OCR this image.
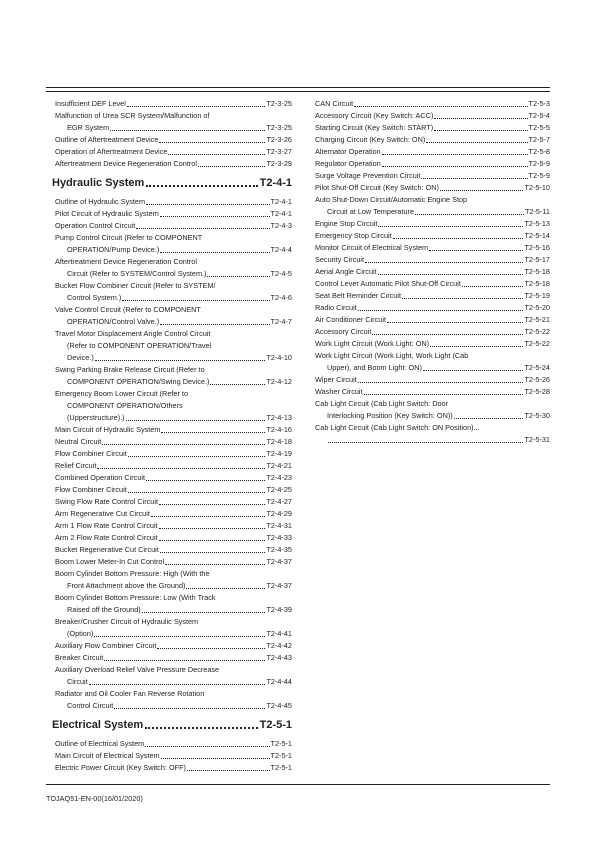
Insufficient DEF Level	T2-3-25
Malfunction of Urea SCR System/Malfunction of
EGR System	T2-3-25
Outline of Aftertreatment Device	T2-3-26
Operation of Aftertreatment Device	T2-3-27
Aftertreatment Device Regeneration Control	T2-3-29
Hydraulic System	T2-4-1
Outline of Hydraulic System	T2-4-1
Pilot Circuit of Hydraulic System	T2-4-1
Operation Control Circuit	T2-4-3
Pump Control Circuit (Refer to COMPONENT
OPERATION/Pump Device.)	T2-4-4
Aftertreatment Device Regeneration Control
Circuit (Refer to SYSTEM/Control System.)	T2-4-5
Bucket Flow Combiner Circuit (Refer to SYSTEM/
Control System.)	T2-4-6
Valve Control Circuit (Refer to COMPONENT
OPERATION/Control Valve.)	T2-4-7
Travel Motor Displacement Angle Control Circuit
(Refer to COMPONENT OPERATION/Travel
Device.)	T2-4-10
Swing Parking Brake Release Circuit (Refer to
COMPONENT OPERATION/Swing Device.)	T2-4-12
Emergency Boom Lower Circuit (Refer to
COMPONENT OPERATION/Others
(Upperstructure).)	T2-4-13
Main Circuit of Hydraulic System	T2-4-16
Neutral Circuit	T2-4-18
Flow Combiner Circuit	T2-4-19
Relief Circuit	T2-4-21
Combined Operation Circuit	T2-4-23
Flow Combiner Circuit	T2-4-25
Swing Flow Rate Control Circuit	T2-4-27
Arm Regenerative Cut Circuit	T2-4-29
Arm 1 Flow Rate Control Circuit	T2-4-31
Arm 2 Flow Rate Control Circuit	T2-4-33
Bucket Regenerative Cut Circuit	T2-4-35
Boom Lower Meter-In Cut Control	T2-4-37
Boom Cylinder Bottom Pressure: High (With the
Front Attachment above the Ground)	T2-4-37
Boom Cylinder Bottom Pressure: Low (With Track
Raised off the Ground)	T2-4-39
Breaker/Crusher Circuit of Hydraulic System
(Option)	T2-4-41
Auxiliary Flow Combiner Circuit	T2-4-42
Breaker Circuit	T2-4-43
Auxiliary Overload Relief Valve Pressure Decrease
Circuit	T2-4-44
Radiator and Oil Cooler Fan Reverse Rotation
Control Circuit	T2-4-45
Electrical System	T2-5-1
Outline of Electrical System	T2-5-1
Main Circuit of Electrical System	T2-5-1
Electric Power Circuit (Key Switch: OFF)	T2-5-1
CAN Circuit	T2-5-3
Accessory Circuit (Key Switch: ACC)	T2-5-4
Starting Circuit (Key Switch: START)	T2-5-5
Charging Circuit (Key Switch: ON)	T2-5-7
Alternator Operation	T2-5-8
Regulator Operation	T2-5-9
Surge Voltage Prevention Circuit	T2-5-9
Pilot Shut-Off Circuit (Key Switch: ON)	T2-5-10
Auto Shut-Down Circuit/Automatic Engine Stop
Circuit at Low Temperature	T2-5-11
Engine Stop Circuit	T2-5-13
Emergency Stop Circuit	T2-5-14
Monitor Circuit of Electrical System	T2-5-16
Security Circuit	T2-5-17
Aerial Angle Circuit	T2-5-18
Control Lever Automatic Pilot Shut-Off Circuit	T2-5-18
Seat Belt Reminder Circuit	T2-5-19
Radio Circuit	T2-5-20
Air Conditioner Circuit	T2-5-21
Accessory Circuit	T2-5-22
Work Light Circuit (Work Light: ON)	T2-5-22
Work Light Circuit (Work Light, Work Light (Cab
Upper), and Boom Light: ON)	T2-5-24
Wiper Circuit	T2-5-26
Washer Circuit	T2-5-28
Cab Light Circuit (Cab Light Switch: Door
Interlocking Position (Key Switch: ON))	T2-5-30
Cab Light Circuit (Cab Light Switch: ON Position)...
T2-5-31
TOJAQ51-EN-00(16/01/2020)
